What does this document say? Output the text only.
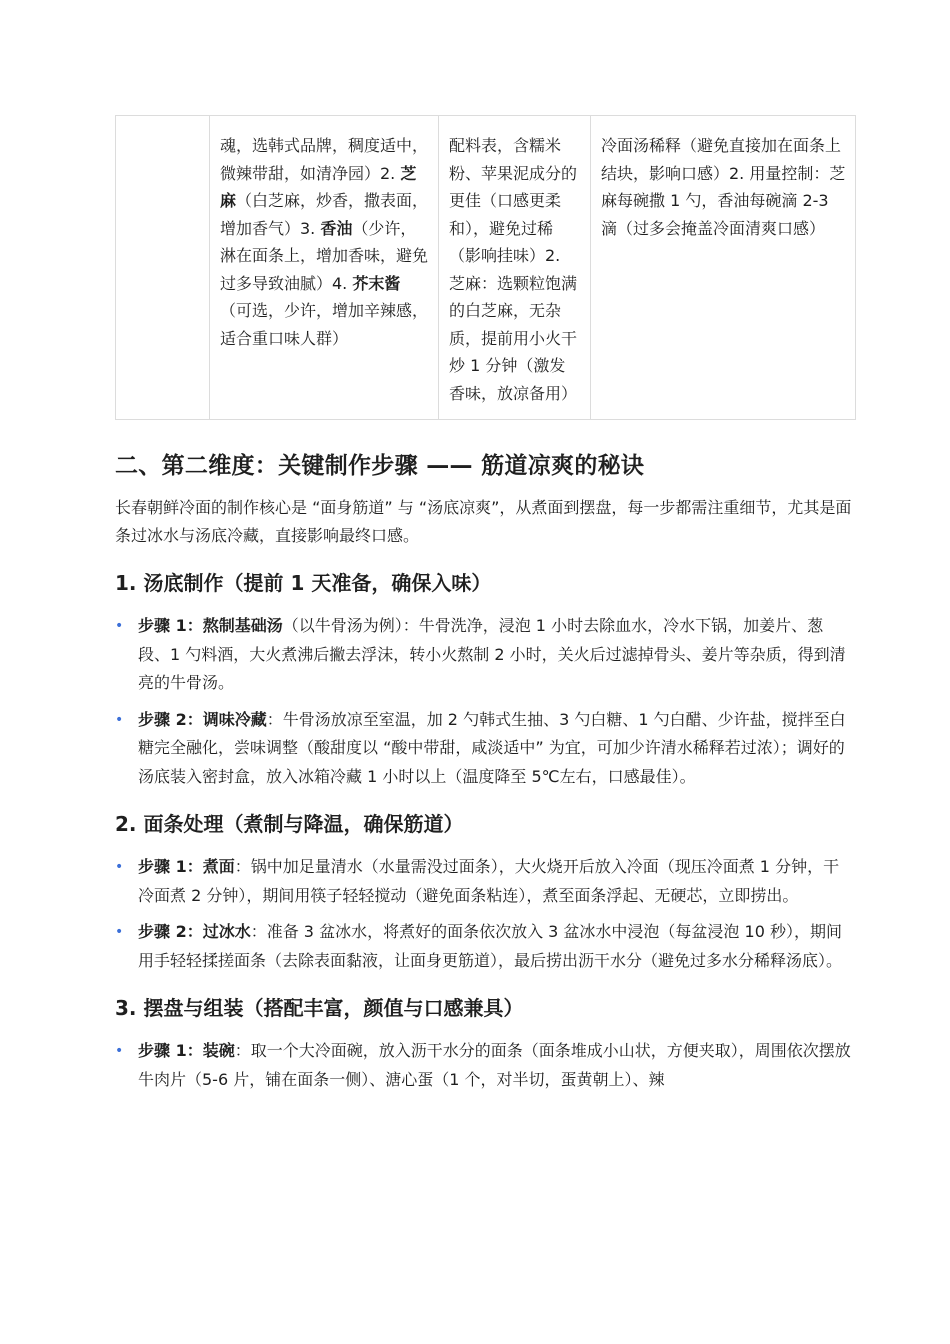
	魂，选韩式品牌，稠度适中，微辣带甜，如清净园）2. 芝麻（白芝麻，炒香，撒表面，增加香气）3. 香油（少许，淋在面条上，增加香味，避免过多导致油腻）4. 芥末酱（可选，少许，增加辛辣感，适合重口味人群）	配料表，含糯米粉、苹果泥成分的更佳（口感更柔和），避免过稀（影响挂味）2. 芝麻：选颗粒饱满的白芝麻，无杂质，提前用小火干炒 1 分钟（激发香味，放凉备用）	冷面汤稀释（避免直接加在面条上结块，影响口感）2. 用量控制：芝麻每碗撒 1 勺，香油每碗滴 2-3 滴（过多会掩盖冷面清爽口感）
二、第二维度：关键制作步骤 —— 筋道凉爽的秘诀

长春朝鲜冷面的制作核心是 “面身筋道” 与 “汤底凉爽”，从煮面到摆盘，每一步都需注重细节，尤其是面条过冰水与汤底冷藏，直接影响最终口感。

1. 汤底制作（提前 1 天准备，确保入味）
• 步骤 1：熬制基础汤（以牛骨汤为例）：牛骨洗净，浸泡 1 小时去除血水，冷水下锅，加姜片、葱段、1 勺料酒，大火煮沸后撇去浮沫，转小火熬制 2 小时，关火后过滤掉骨头、姜片等杂质，得到清亮的牛骨汤。
• 步骤 2：调味冷藏：牛骨汤放凉至室温，加 2 勺韩式生抽、3 勺白糖、1 勺白醋、少许盐，搅拌至白糖完全融化，尝味调整（酸甜度以 “酸中带甜，咸淡适中” 为宜，可加少许清水稀释若过浓）；调好的汤底装入密封盒，放入冰箱冷藏 1 小时以上（温度降至 5℃左右，口感最佳）。
2. 面条处理（煮制与降温，确保筋道）
• 步骤 1：煮面：锅中加足量清水（水量需没过面条），大火烧开后放入冷面（现压冷面煮 1 分钟，干冷面煮 2 分钟），期间用筷子轻轻搅动（避免面条粘连），煮至面条浮起、无硬芯，立即捞出。
• 步骤 2：过冰水：准备 3 盆冰水，将煮好的面条依次放入 3 盆冰水中浸泡（每盆浸泡 10 秒），期间用手轻轻揉搓面条（去除表面黏液，让面身更筋道），最后捞出沥干水分（避免过多水分稀释汤底）。
3. 摆盘与组装（搭配丰富，颜值与口感兼具）
• 步骤 1：装碗：取一个大冷面碗，放入沥干水分的面条（面条堆成小山状，方便夹取），周围依次摆放牛肉片（5-6 片，铺在面条一侧）、溏心蛋（1 个，对半切，蛋黄朝上）、辣
